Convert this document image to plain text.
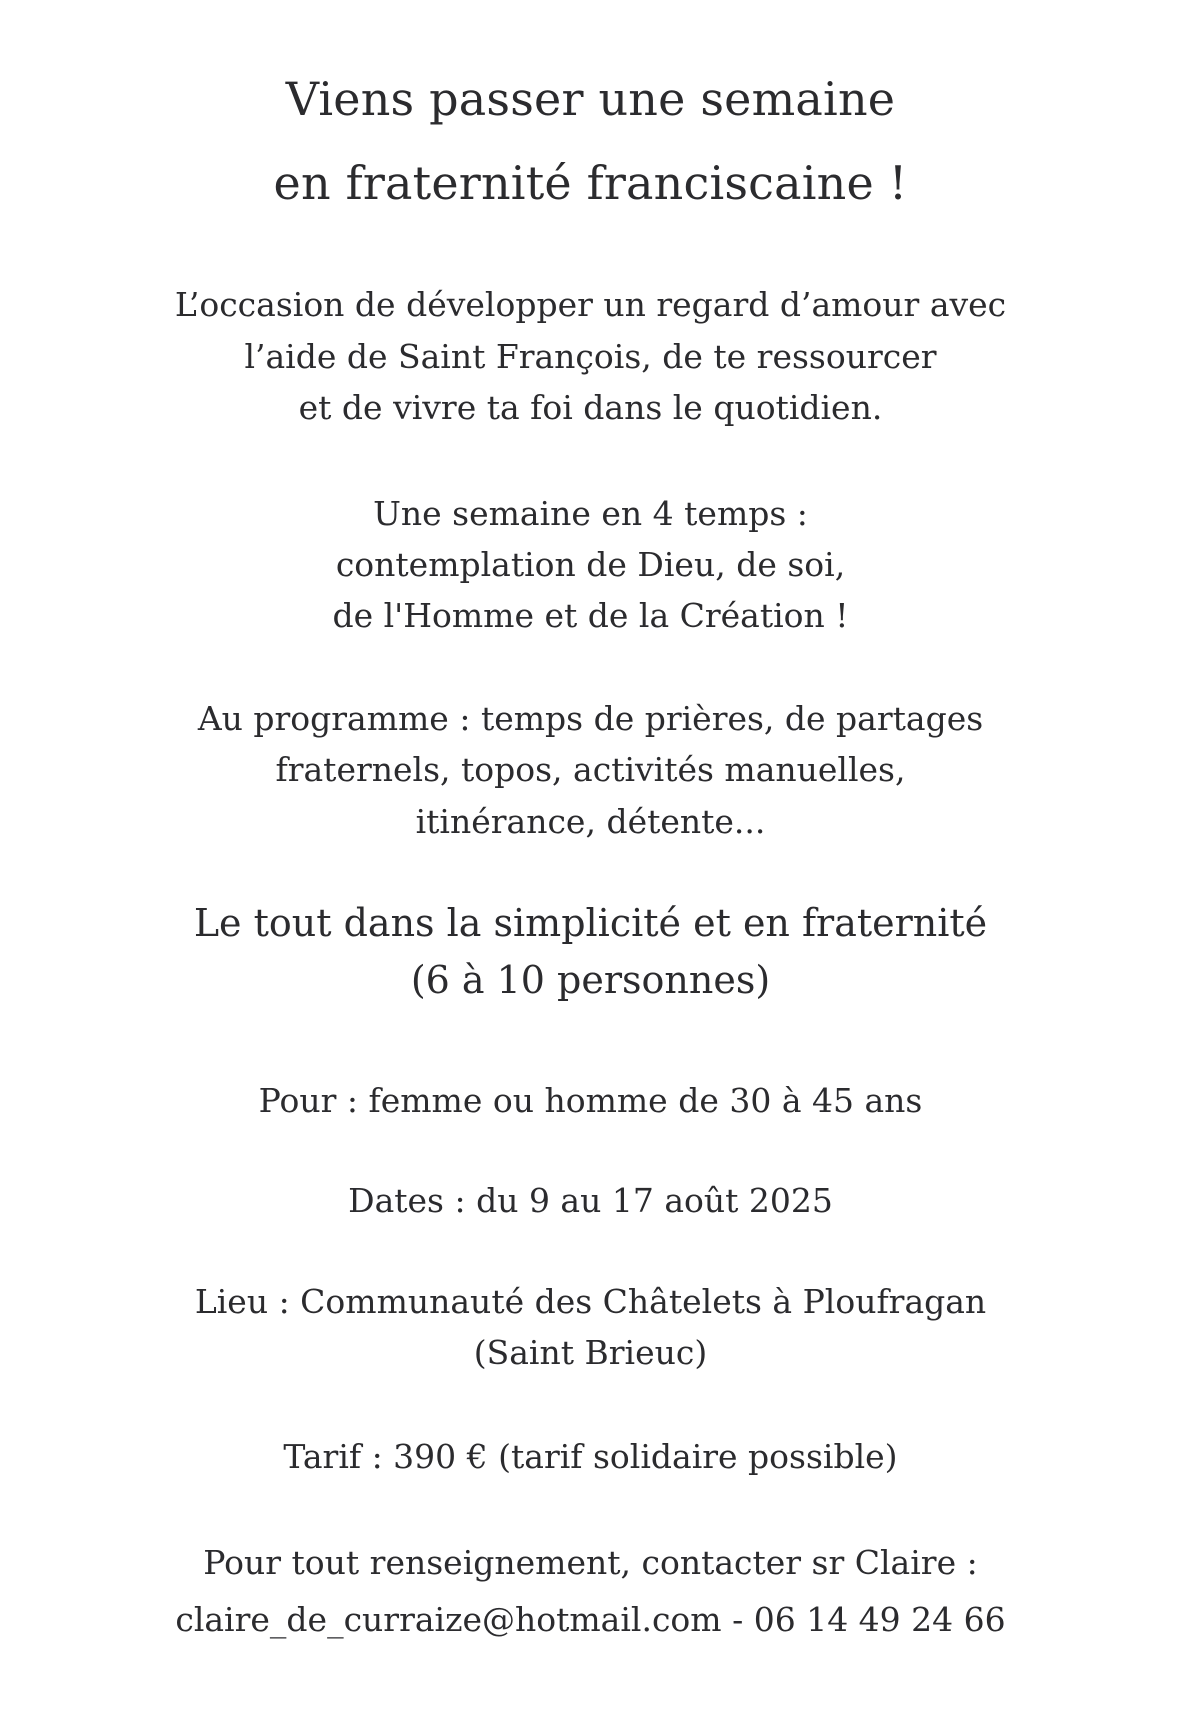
Viens passer une semaine
en fraternité franciscaine !
L’occasion de développer un regard d’amour avec
l’aide de Saint François, de te ressourcer
et de vivre ta foi dans le quotidien.
Une semaine en 4 temps :
contemplation de Dieu, de soi,
de l'Homme et de la Création !
Au programme : temps de prières, de partages
fraternels, topos, activités manuelles,
itinérance, détente...
Le tout dans la simplicité et en fraternité
(6 à 10 personnes)
Pour : femme ou homme de 30 à 45 ans
Dates : du 9 au 17 août 2025
Lieu : Communauté des Châtelets à Ploufragan
(Saint Brieuc)
Tarif : 390 € (tarif solidaire possible)
Pour tout renseignement, contacter sr Claire :
claire_de_curraize@hotmail.com - 06 14 49 24 66
